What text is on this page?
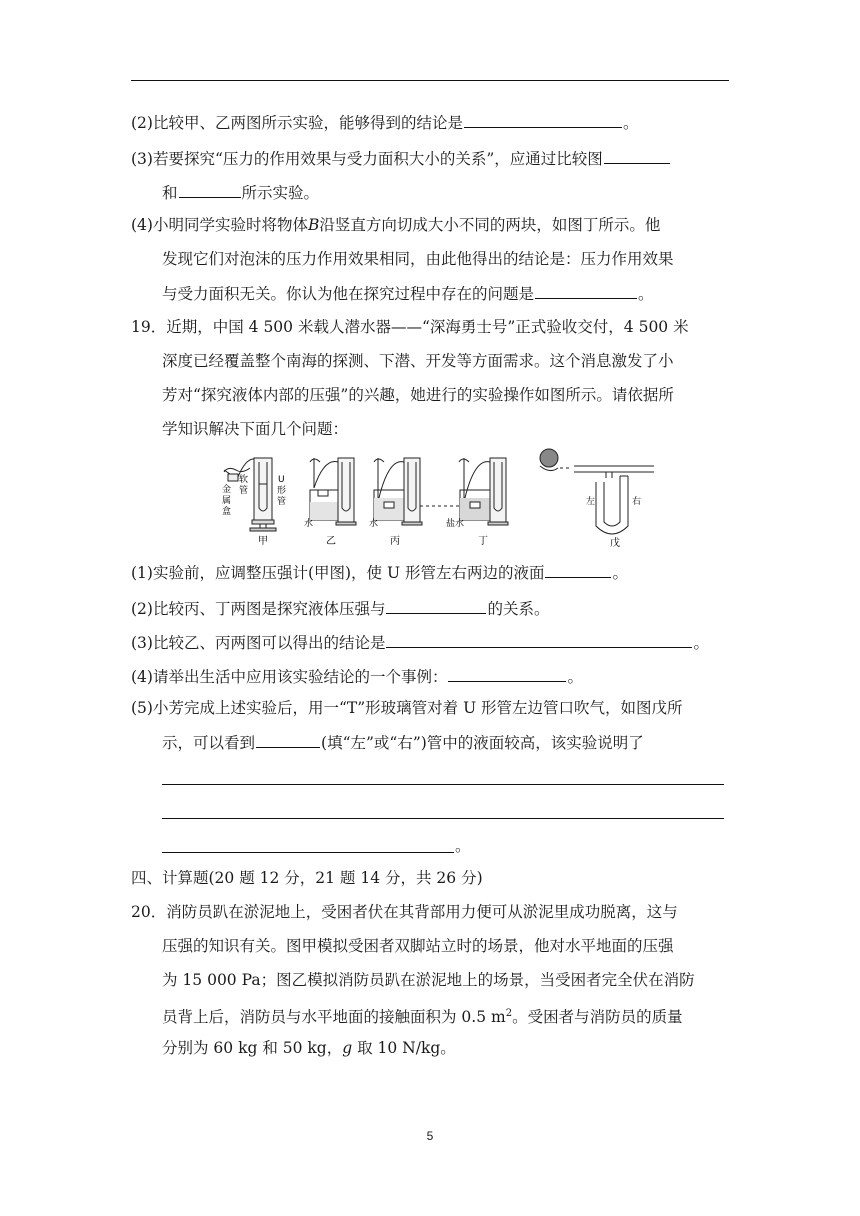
(2)比较甲、乙两图所示实验，能够得到的结论是	。
(3)若要探究“压力的作用效果与受力面积大小的关系”，应通过比较图
和	所示实验。
(4)小明同学实验时将物体B沿竖直方向切成大小不同的两块，如图丁所示。他
发现它们对泡沫的压力作用效果相同，由此他得出的结论是：压力作用效果
与受力面积无关。你认为他在探究过程中存在的问题是	。
19．近期，中国 4 500 米载人潜水器——“深海勇士号”正式验收交付，4 500 米
深度已经覆盖整个南海的探测、下潜、开发等方面需求。这个消息激发了小
芳对“探究液体内部的压强”的兴趣，她进行的实验操作如图所示。请依据所
学知识解决下面几个问题：
金
属
盒
软
管
U
形
管
甲
水
乙
水
丙
盐水
丁
左	右
戊
(1)实验前，应调整压强计(甲图)，使 U 形管左右两边的液面	。
(2)比较丙、丁两图是探究液体压强与	的关系。
(3)比较乙、丙两图可以得出的结论是	。
(4)请举出生活中应用该实验结论的一个事例：	。
(5)小芳完成上述实验后，用一“T”形玻璃管对着 U 形管左边管口吹气，如图戊所
示，可以看到	(填“左”或“右”)管中的液面较高，该实验说明了
。
四、计算题(20 题 12 分，21 题 14 分，共 26 分)
20．消防员趴在淤泥地上，受困者伏在其背部用力便可从淤泥里成功脱离，这与
压强的知识有关。图甲模拟受困者双脚站立时的场景，他对水平地面的压强
为 15 000 Pa；图乙模拟消防员趴在淤泥地上的场景，当受困者完全伏在消防
员背上后，消防员与水平地面的接触面积为 0.5 $m^2$。受困者与消防员的质量
分别为 60 kg 和 50 kg，g 取 10 N/kg。
5
